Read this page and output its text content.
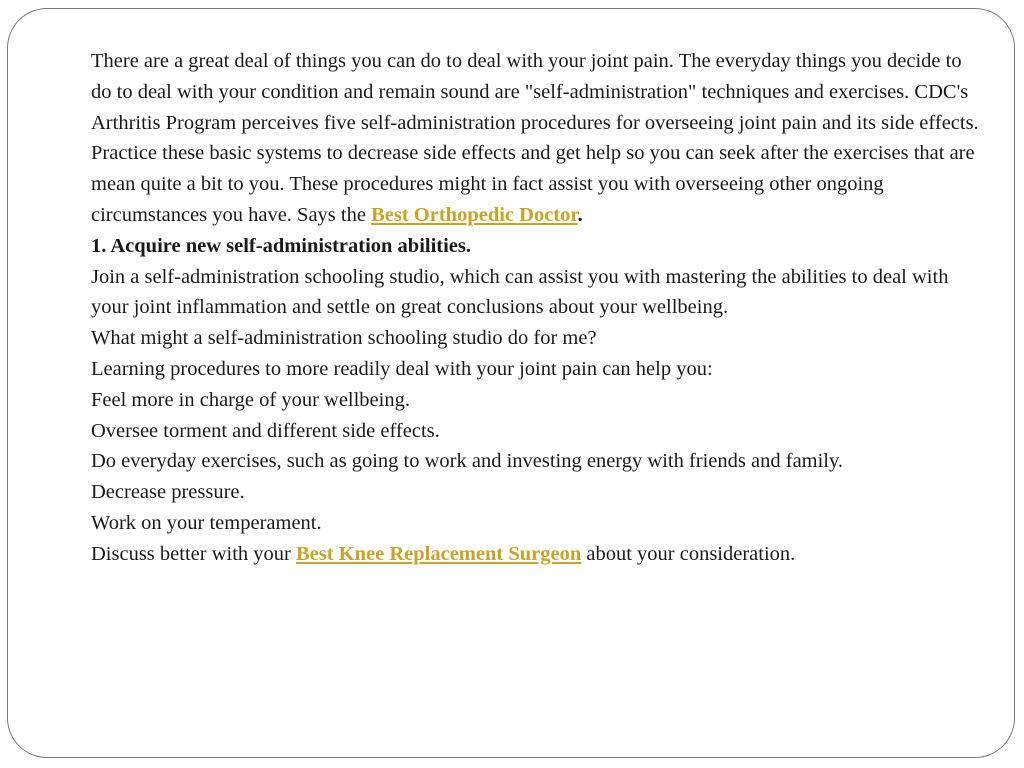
There are a great deal of things you can do to deal with your joint pain. The everyday things you decide to do to deal with your condition and remain sound are "self-administration" techniques and exercises. CDC's Arthritis Program perceives five self-administration procedures for overseeing joint pain and its side effects.

Practice these basic systems to decrease side effects and get help so you can seek after the exercises that are mean quite a bit to you. These procedures might in fact assist you with overseeing other ongoing circumstances you have. Says the Best Orthopedic Doctor.

1. Acquire new self-administration abilities.

Join a self-administration schooling studio, which can assist you with mastering the abilities to deal with your joint inflammation and settle on great conclusions about your wellbeing.

What might a self-administration schooling studio do for me?

Learning procedures to more readily deal with your joint pain can help you:

Feel more in charge of your wellbeing.

Oversee torment and different side effects.

Do everyday exercises, such as going to work and investing energy with friends and family.

Decrease pressure.

Work on your temperament.

Discuss better with your Best Knee Replacement Surgeon about your consideration.
